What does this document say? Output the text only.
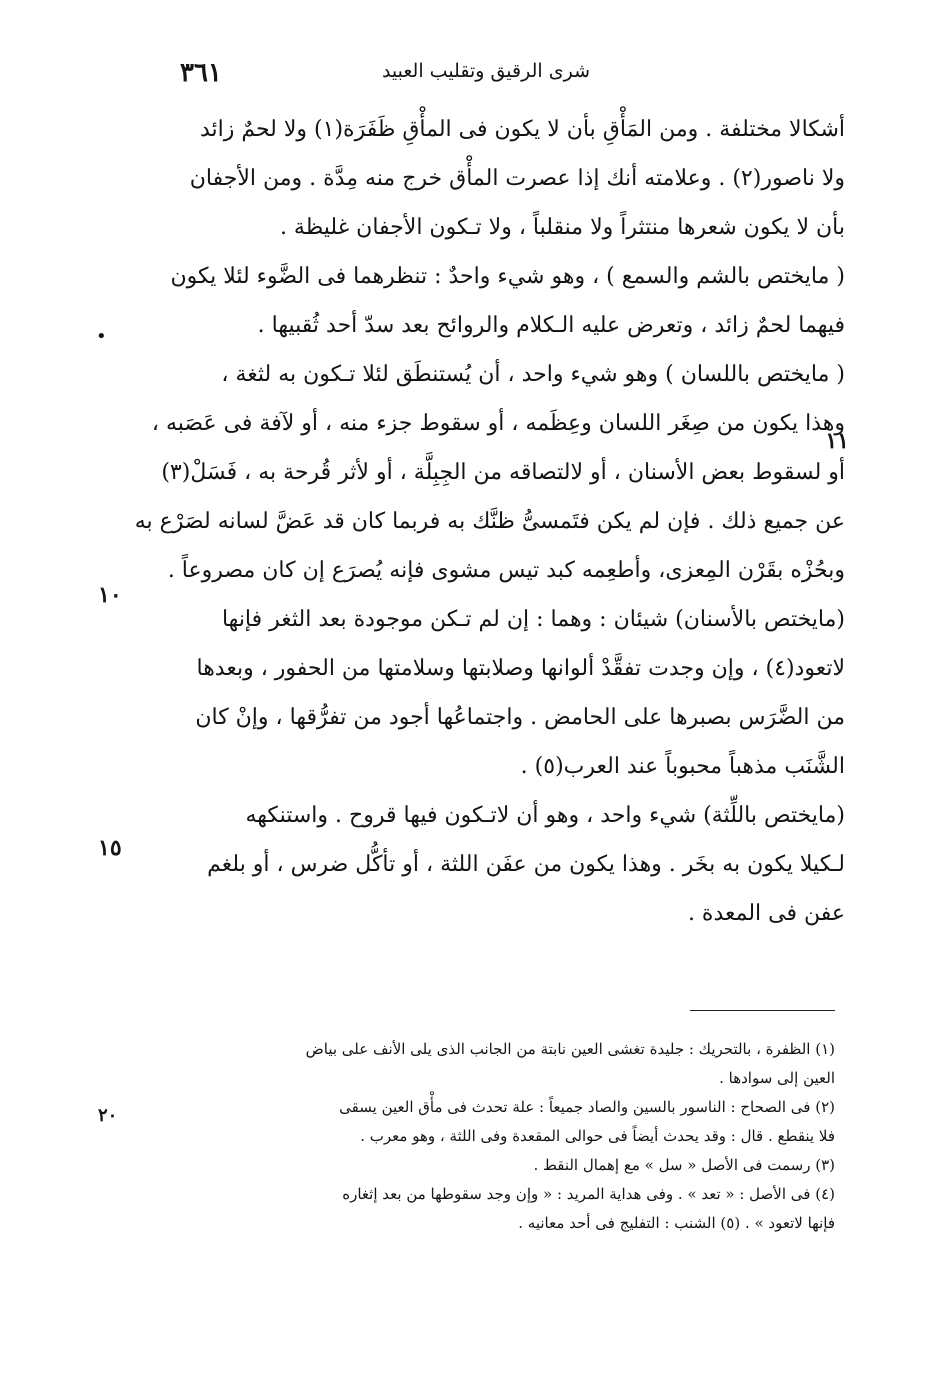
٣٦١	شرى الرقيق وتقليب العبيد
•
١١
١٠
١٥
٢٠
أشكالا مختلفة . ومن المَأْقِ بأن لا يكون فى المأْقِ ظَفَرَة(١) ولا لحمٌ زائد
ولا ناصور(٢) . وعلامته أنك إذا عصرت المأْق خرج منه مِدَّة . ومن الأجفان
بأن لا يكون شعرها منتثراً ولا منقلباً ، ولا تـكون الأجفان غليظة .
( مايختص بالشم والسمع ) ، وهو شيء واحدٌ : تنظرهما فى الضَّوء لئلا يكون
فيهما لحمٌ زائد ، وتعرض عليه الـكلام والروائح بعد سدّ أحد ثُقبيها .
( مايختص باللسان ) وهو شيء واحد ، أن يُستنطَق لئلا تـكون به لثغة ،
وهذا يكون من صِغَر اللسان وعِظَمه ، أو سقوط جزء منه ، أو لآفة فى عَصَبه ،
أو لسقوط بعض الأسنان ، أو لالتصاقه من الجِبِلَّة ، أو لأثر قُرحة به ، فَسَلْ(٣)
عن جميع ذلك . فإن لم يكن فتَمسىُّ ظنَّك به فربما كان قد عَضَّ لسانه لصَرْع به
وبحُزْه بقَرْن المِعزى، وأطعِمه كبد تيس مشوى فإنه يُصرَع إن كان مصروعاً .
(مايختص بالأسنان) شيئان : وهما : إن لم تـكن موجودة بعد الثغر فإنها
لاتعود(٤) ، وإن وجدت تفقَّدْ ألوانها وصلابتها وسلامتها من الحفور ، وبعدها
من الضَّرَس بصبرها على الحامض . واجتماعُها أجود من تفرُّقها ، وإنْ كان
الشَّنَب مذهباً محبوباً عند العرب(٥) .
(مايختص باللِّثة) شيء واحد ، وهو أن لاتـكون فيها قروح . واستنكهه
لـكيلا يكون به بخَر . وهذا يكون من عفَن اللثة ، أو تأكُّل ضرس ، أو بلغم
عفن فى المعدة .
(١) الظفرة ، بالتحريك : جليدة تغشى العين نابتة من الجانب الذى يلى الأنف على بياض
العين إلى سوادها .
(٢) فى الصحاح : الناسور بالسين والصاد جميعاً : علة تحدث فى مأْق العين يسقى
فلا ينقطع . قال : وقد يحدث أيضاً فى حوالى المقعدة وفى اللثة ، وهو معرب .
(٣) رسمت فى الأصل « سل » مع إهمال النقط .
(٤) فى الأصل : « تعد » . وفى هداية المريد : « وإن وجد سقوطها من بعد إثغاره
فإنها لاتعود » . (٥) الشنب : التفليج فى أحد معانيه .
